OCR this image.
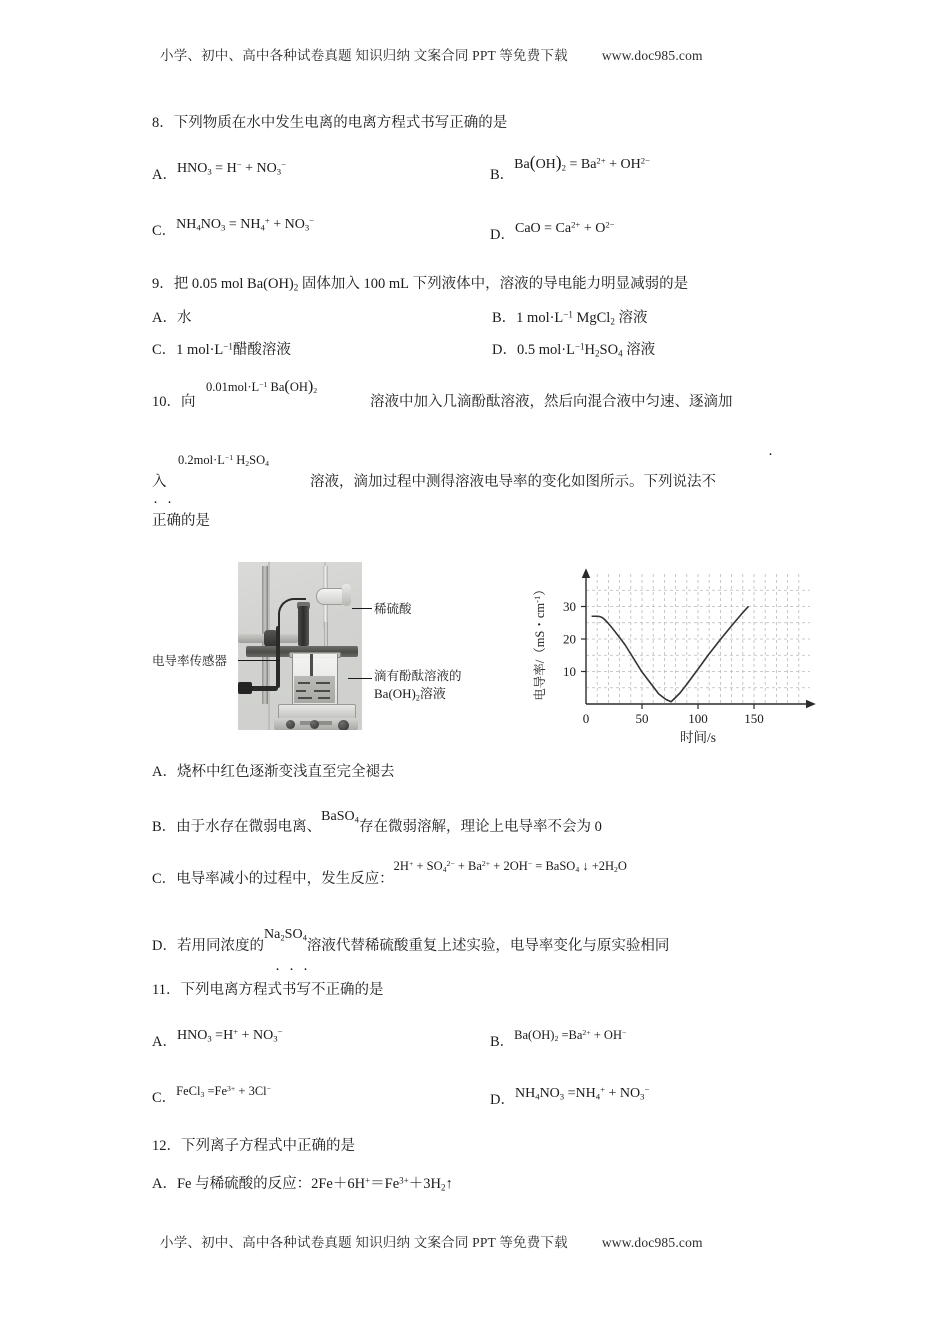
小学、初中、高中各种试卷真题 知识归纳 文案合同 PPT 等免费下载	www.doc985.com
8．下列物质在水中发生电离的电离方程式书写正确的是
A．$HNO_3 = H^- + NO_3^-$
B．$Ba(OH)_2 = Ba^{2+} + OH^{2-}$
C．$NH_4NO_3 = NH_4^+ + NO_3^-$
D．CaO = $Ca^{2+} + O^{2-}$
9．把 0.05 mol $Ba(OH)_2$ 固体加入 100 mL 下列液体中，溶液的导电能力明显减弱的是
A．水	B．1 $mol\cdot L^{-1}$ MgCl$_2$ 溶液
C．1 $mol\cdot L^{-1}$醋酸溶液	D．0.5 $mol\cdot L^{-1}H_2SO_4$ 溶液
10．向
$0.01mol\cdot L^{-1}$ $Ba(OH)_2$
溶液中加入几滴酚酞溶液，然后向混合液中匀速、逐滴加
入
$0.2mol\cdot L^{-1}$ $H_2SO_4$
溶液，滴加过程中测得溶液电导率的变化如图所示。下列说法不
·
··
正确的是
电导率传感器
稀硫酸
滴有酚酞溶液的
$Ba(OH)_2$溶液
10
20
30
0	50	100	150
时间/s
电导率/（mS・$cm^{-1}$）
A．烧杯中红色逐渐变浅直至完全褪去
B．由于水存在微弱电离、BaSO$_4$存在微弱溶解，理论上电导率不会为 0
C．电导率减小的过程中，发生反应：$2H^+ + SO_4^{2-} + Ba^{2+} + 2OH^-$ = BaSO$_4$ ↓ $+2H_2O$
D．若用同浓度的$Na_2SO_4$溶液代替稀硫酸重复上述实验，电导率变化与原实验相同
···
11．下列电离方程式书写不正确的是
A．$HNO_3 =H^+ + NO_3^-$
B．$Ba(OH)_2 =Ba^{2+} + OH^-$
C．FeCl$_3$ $=Fe^{3+} + 3Cl^-$
D．$NH_4NO_3 =NH_4^+ + NO_3^-$
12．下列离子方程式中正确的是
A．Fe 与稀硫酸的反应：$2Fe+6H^+=Fe^{3+}+3H_2↑$
小学、初中、高中各种试卷真题 知识归纳 文案合同 PPT 等免费下载	www.doc985.com
